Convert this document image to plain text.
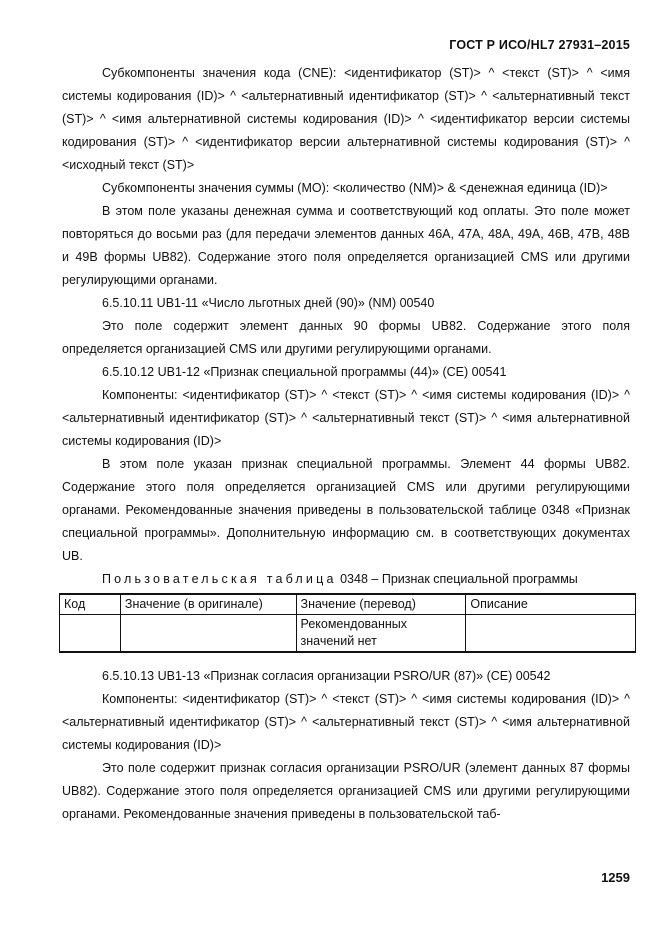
ГОСТ Р ИСО/HL7 27931–2015

Субкомпоненты значения кода (CNE): <идентификатор (ST)> ^ <текст (ST)> ^ <имя системы кодирования (ID)> ^ <альтернативный идентификатор (ST)> ^ <альтернативный текст (ST)> ^ <имя альтернативной системы кодирования (ID)> ^ <идентификатор версии системы кодирования (ST)> ^ <идентификатор версии альтернативной системы кодирования (ST)> ^ <исходный текст (ST)>

Субкомпоненты значения суммы (MO): <количество (NM)> & <денежная единица (ID)>

В этом поле указаны денежная сумма и соответствующий код оплаты. Это поле может повторяться до восьми раз (для передачи элементов данных 46A, 47A, 48A, 49A, 46B, 47B, 48B и 49B формы UB82). Содержание этого поля определяется организацией CMS или другими регулирующими органами.

6.5.10.11 UB1-11 «Число льготных дней (90)» (NM) 00540

Это поле содержит элемент данных 90 формы UB82. Содержание этого поля определяется организацией CMS или другими регулирующими органами.

6.5.10.12 UB1-12 «Признак специальной программы (44)» (CE) 00541

Компоненты: <идентификатор (ST)> ^ <текст (ST)> ^ <имя системы кодирования (ID)> ^ <альтернативный идентификатор (ST)> ^ <альтернативный текст (ST)> ^ <имя альтернативной системы кодирования (ID)>

В этом поле указан признак специальной программы. Элемент 44 формы UB82. Содержание этого поля определяется организацией CMS или другими регулирующими органами. Рекомендованные значения приведены в пользовательской таблице 0348 «Признак специальной программы». Дополнительную информацию см. в соответствующих документах UB.

Пользовательская таблица 0348 – Признак специальной программы

Код	Значение (в оригинале)	Значение (перевод)	Описание
		Рекомендованных значений нет	

6.5.10.13 UB1-13 «Признак согласия организации PSRO/UR (87)» (CE) 00542

Компоненты: <идентификатор (ST)> ^ <текст (ST)> ^ <имя системы кодирования (ID)> ^ <альтернативный идентификатор (ST)> ^ <альтернативный текст (ST)> ^ <имя альтернативной системы кодирования (ID)>

Это поле содержит признак согласия организации PSRO/UR (элемент данных 87 формы UB82). Содержание этого поля определяется организацией CMS или другими регулирующими органами. Рекомендованные значения приведены в пользовательской таб-

1259
